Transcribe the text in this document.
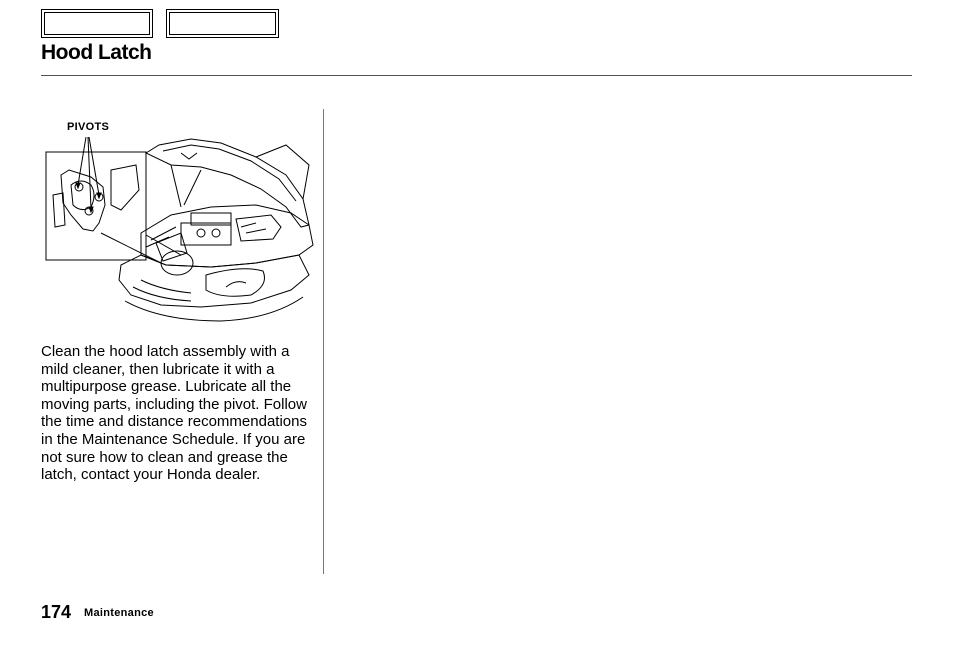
Hood Latch
PIVOTS

Clean the hood latch assembly with a mild cleaner, then lubricate it with a multipurpose grease. Lubricate all the moving parts, including the pivot. Follow the time and distance recommendations in the Maintenance Schedule. If you are not sure how to clean and grease the latch, contact your Honda dealer.

174 Maintenance
